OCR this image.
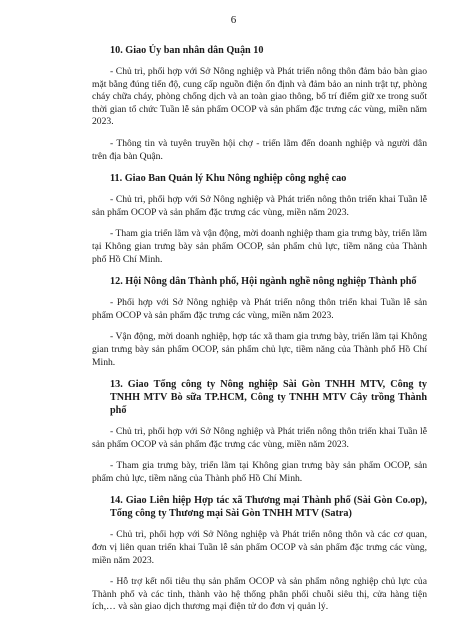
6
10. Giao Ủy ban nhân dân Quận 10
- Chủ trì, phối hợp với Sở Nông nghiệp và Phát triển nông thôn đảm bảo bàn giao mặt bằng đúng tiến độ, cung cấp nguồn điện ổn định và đảm bảo an ninh trật tự, phòng cháy chữa cháy, phòng chống dịch và an toàn giao thông, bố trí điểm giữ xe trong suốt thời gian tổ chức Tuần lễ sản phẩm OCOP và sản phẩm đặc trưng các vùng, miền năm 2023.
- Thông tin và tuyên truyền hội chợ - triển lãm đến doanh nghiệp và người dân trên địa bàn Quận.
11. Giao Ban Quản lý Khu Nông nghiệp công nghệ cao
- Chủ trì, phối hợp với Sở Nông nghiệp và Phát triển nông thôn triển khai Tuần lễ sản phẩm OCOP và sản phẩm đặc trưng các vùng, miền năm 2023.
- Tham gia triển lãm và vận động, mời doanh nghiệp tham gia trưng bày, triển lãm tại Không gian trưng bày sản phẩm OCOP, sản phẩm chủ lực, tiềm năng của Thành phố Hồ Chí Minh.
12. Hội Nông dân Thành phố, Hội ngành nghề nông nghiệp Thành phố
- Phối hợp với Sở Nông nghiệp và Phát triển nông thôn triển khai Tuần lễ sản phẩm OCOP và sản phẩm đặc trưng các vùng, miền năm 2023.
- Vận động, mời doanh nghiệp, hợp tác xã tham gia trưng bày, triển lãm tại Không gian trưng bày sản phẩm OCOP, sản phẩm chủ lực, tiềm năng của Thành phố Hồ Chí Minh.
13. Giao Tổng công ty Nông nghiệp Sài Gòn TNHH MTV, Công ty TNHH MTV Bò sữa TP.HCM, Công ty TNHH MTV Cây trồng Thành phố
- Chủ trì, phối hợp với Sở Nông nghiệp và Phát triển nông thôn triển khai Tuần lễ sản phẩm OCOP và sản phẩm đặc trưng các vùng, miền năm 2023.
- Tham gia trưng bày, triển lãm tại Không gian trưng bày sản phẩm OCOP, sản phẩm chủ lực, tiềm năng của Thành phố Hồ Chí Minh.
14. Giao Liên hiệp Hợp tác xã Thương mại Thành phố (Sài Gòn Co.op), Tổng công ty Thương mại Sài Gòn TNHH MTV (Satra)
- Chủ trì, phối hợp với Sở Nông nghiệp và Phát triển nông thôn và các cơ quan, đơn vị liên quan triển khai Tuần lễ sản phẩm OCOP và sản phẩm đặc trưng các vùng, miền năm 2023.
- Hỗ trợ kết nối tiêu thụ sản phẩm OCOP và sản phẩm nông nghiệp chủ lực của Thành phố và các tỉnh, thành vào hệ thống phân phối chuỗi siêu thị, cửa hàng tiện ích,… và sàn giao dịch thương mại điện tử do đơn vị quản lý.
